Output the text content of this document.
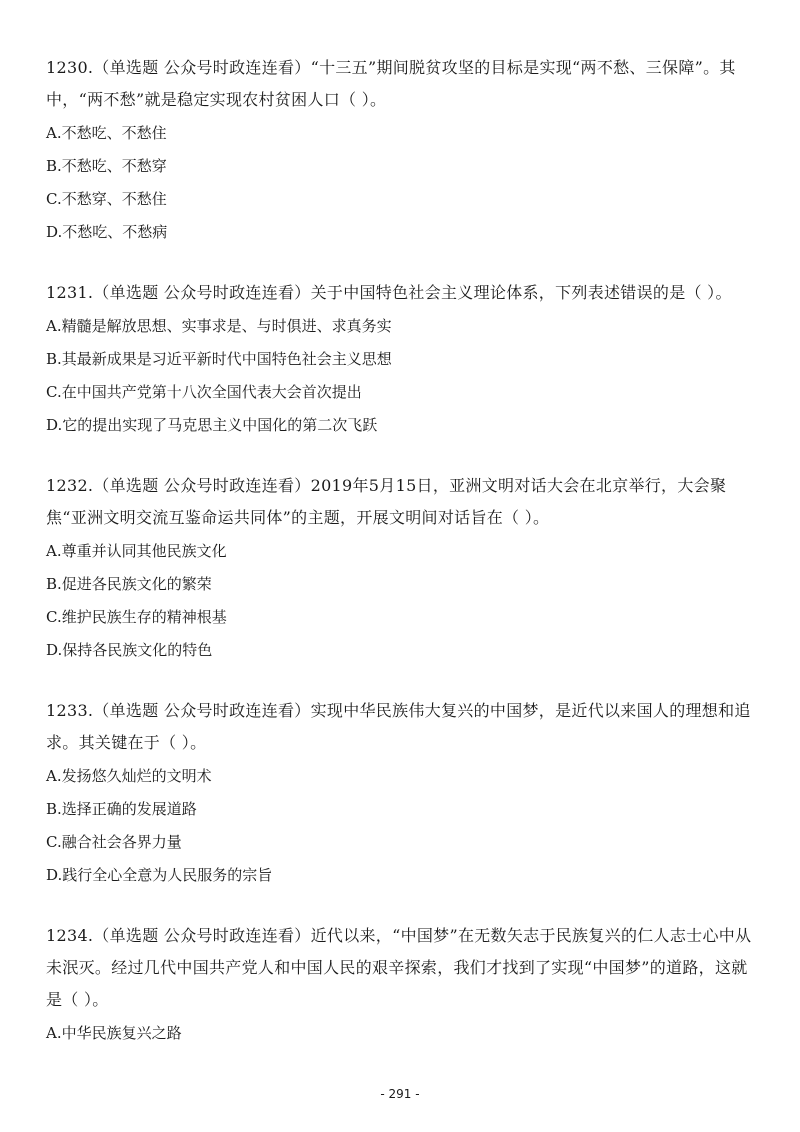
1230.（单选题 公众号时政连连看）“十三五”期间脱贫攻坚的目标是实现“两不愁、三保障”。其中，“两不愁”就是稳定实现农村贫困人口（ ）。

A.不愁吃、不愁住

B.不愁吃、不愁穿

C.不愁穿、不愁住

D.不愁吃、不愁病

1231.（单选题 公众号时政连连看）关于中国特色社会主义理论体系，下列表述错误的是（ ）。

A.精髓是解放思想、实事求是、与时俱进、求真务实

B.其最新成果是习近平新时代中国特色社会主义思想

C.在中国共产党第十八次全国代表大会首次提出

D.它的提出实现了马克思主义中国化的第二次飞跃

1232.（单选题 公众号时政连连看）2019年5月15日，亚洲文明对话大会在北京举行，大会聚焦“亚洲文明交流互鉴命运共同体”的主题，开展文明间对话旨在（ ）。

A.尊重并认同其他民族文化

B.促进各民族文化的繁荣

C.维护民族生存的精神根基

D.保持各民族文化的特色

1233.（单选题 公众号时政连连看）实现中华民族伟大复兴的中国梦，是近代以来国人的理想和追求。其关键在于（ ）。

A.发扬悠久灿烂的文明术

B.选择正确的发展道路

C.融合社会各界力量

D.践行全心全意为人民服务的宗旨

1234.（单选题 公众号时政连连看）近代以来，“中国梦”在无数矢志于民族复兴的仁人志士心中从未泯灭。经过几代中国共产党人和中国人民的艰辛探索，我们才找到了实现“中国梦”的道路，这就是（ ）。

A.中华民族复兴之路

- 291 -
